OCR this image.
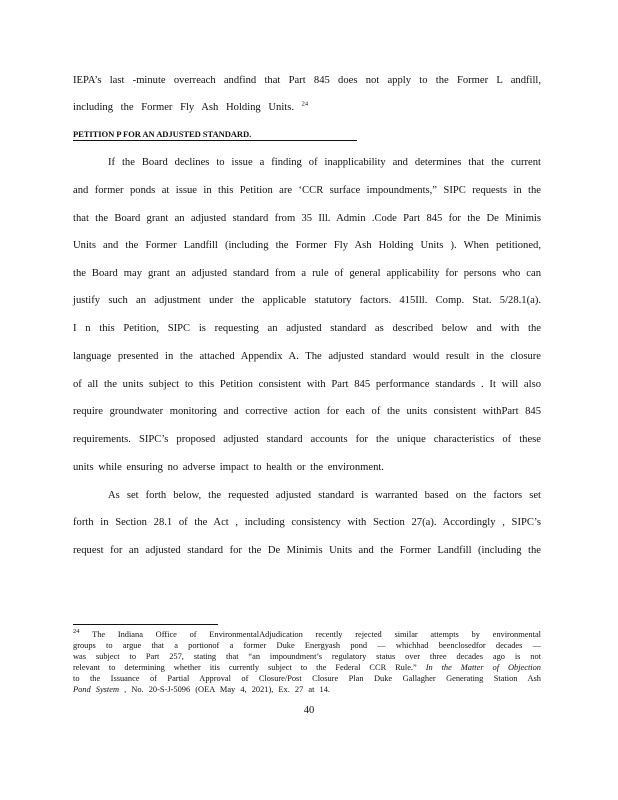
IEPA’s last -minute overreach andfind that Part 845 does not apply to the Former L andfill,
including the Former Fly Ash Holding Units. $^{24}$
PETITION P FOR AN ADJUSTED STANDARD.
If the Board declines to issue a finding of inapplicability and determines that the current
and former ponds at issue in this Petition are ‘CCR surface impoundments,” SIPC requests in the
that the Board grant an adjusted standard from 35 Ill. Admin .Code Part 845 for the De Minimis
Units and the Former Landfill (including the Former Fly Ash Holding Units ). When petitioned,
the Board may grant an adjusted standard from a rule of general applicability for persons who can
justify such an adjustment under the applicable statutory factors. 415Ill. Comp. Stat. 5/28.1(a).
I n this Petition, SIPC is requesting an adjusted standard as described below and with the
language presented in the attached Appendix A. The adjusted standard would result in the closure
of all the units subject to this Petition consistent with Part 845 performance standards . It will also
require groundwater monitoring and corrective action for each of the units consistent withPart 845
requirements. SIPC’s proposed adjusted standard accounts for the unique characteristics of these
units while ensuring no adverse impact to health or the environment.
As set forth below, the requested adjusted standard is warranted based on the factors set
forth in Section 28.1 of the Act , including consistency with Section 27(a). Accordingly , SIPC’s
request for an adjusted standard for the De Minimis Units and the Former Landfill (including the
$^{24}$ The Indiana Office of EnvironmentalAdjudication recently rejected similar attempts by environmental
groups to argue that a portionof a former Duke Energyash pond — whichhad beenclosedfor decades —
was subject to Part 257, stating that “an impoundment’s regulatory status over three decades ago is not
relevant to determining whether itis currently subject to the Federal CCR Rule.” In the Matter of Objection
to the Issuance of Partial Approval of Closure/Post Closure Plan Duke Gallagher Generating Station Ash
Pond System , No. 20-S-J-5096 (OEA May 4, 2021), Ex. 27 at 14.
40
